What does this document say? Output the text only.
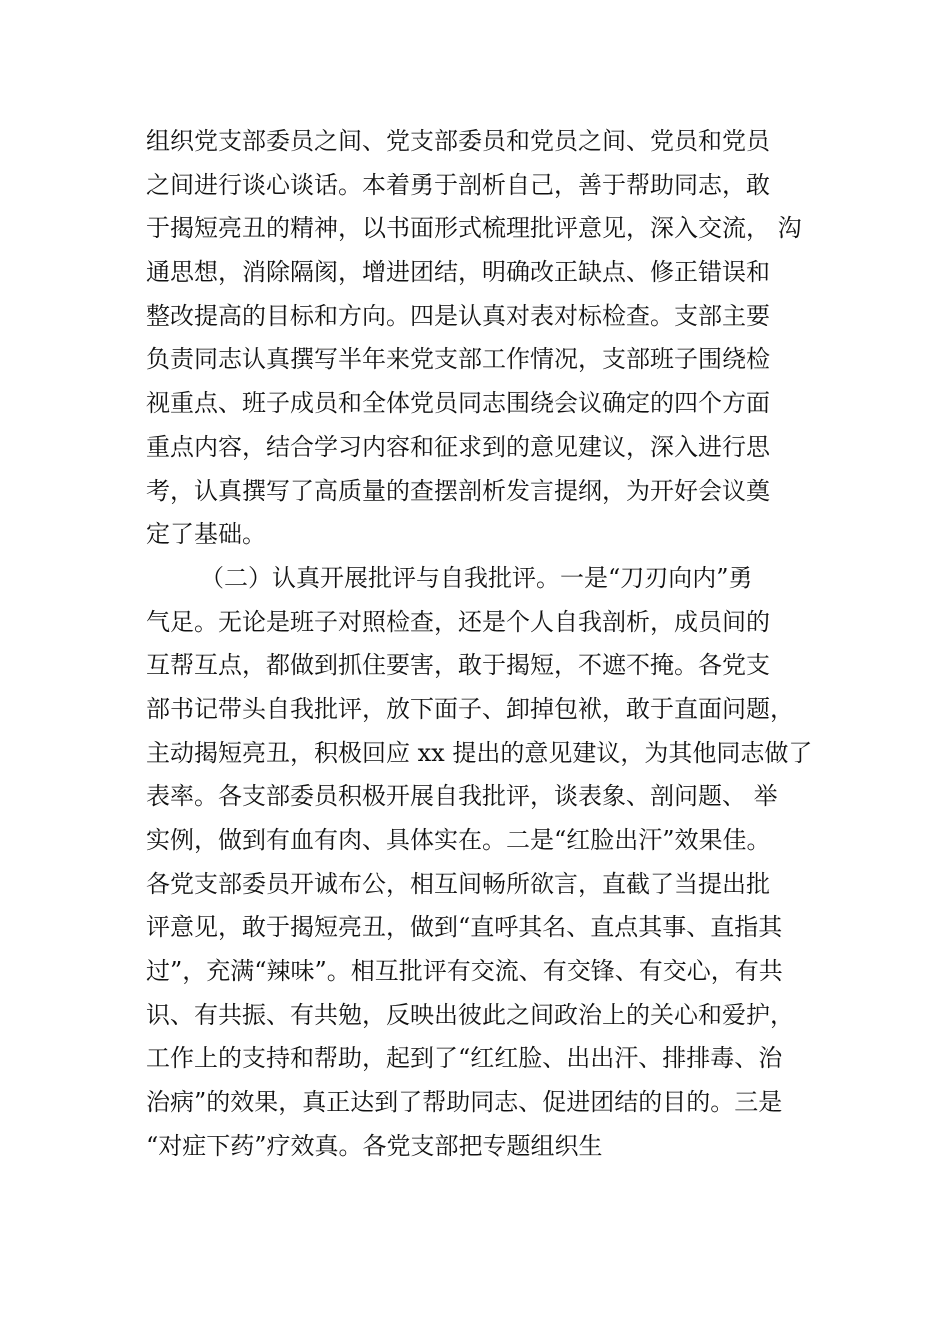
组织党支部委员之间、党支部委员和党员之间、党员和党员
之间进行谈心谈话。本着勇于剖析自己，善于帮助同志，敢
于揭短亮丑的精神，以书面形式梳理批评意见，深入交流， 沟
通思想，消除隔阂，增进团结，明确改正缺点、修正错误和
整改提高的目标和方向。四是认真对表对标检查。支部主要
负责同志认真撰写半年来党支部工作情况，支部班子围绕检
视重点、班子成员和全体党员同志围绕会议确定的四个方面
重点内容，结合学习内容和征求到的意见建议，深入进行思
考，认真撰写了高质量的查摆剖析发言提纲，为开好会议奠
定了基础。
（二）认真开展批评与自我批评。一是“刀刃向内”勇
气足。无论是班子对照检查，还是个人自我剖析，成员间的
互帮互点，都做到抓住要害，敢于揭短，不遮不掩。各党支
部书记带头自我批评，放下面子、卸掉包袱，敢于直面问题，
主动揭短亮丑，积极回应 xx 提出的意见建议，为其他同志做了
表率。各支部委员积极开展自我批评，谈表象、剖问题、 举
实例，做到有血有肉、具体实在。二是“红脸出汗”效果佳。
各党支部委员开诚布公，相互间畅所欲言，直截了当提出批
评意见，敢于揭短亮丑，做到“直呼其名、直点其事、直指其
过”，充满“辣味”。相互批评有交流、有交锋、有交心，有共
识、有共振、有共勉，反映出彼此之间政治上的关心和爱护，
工作上的支持和帮助，起到了“红红脸、出出汗、排排毒、治
治病”的效果，真正达到了帮助同志、促进团结的目的。三是
“对症下药”疗效真。各党支部把专题组织生
